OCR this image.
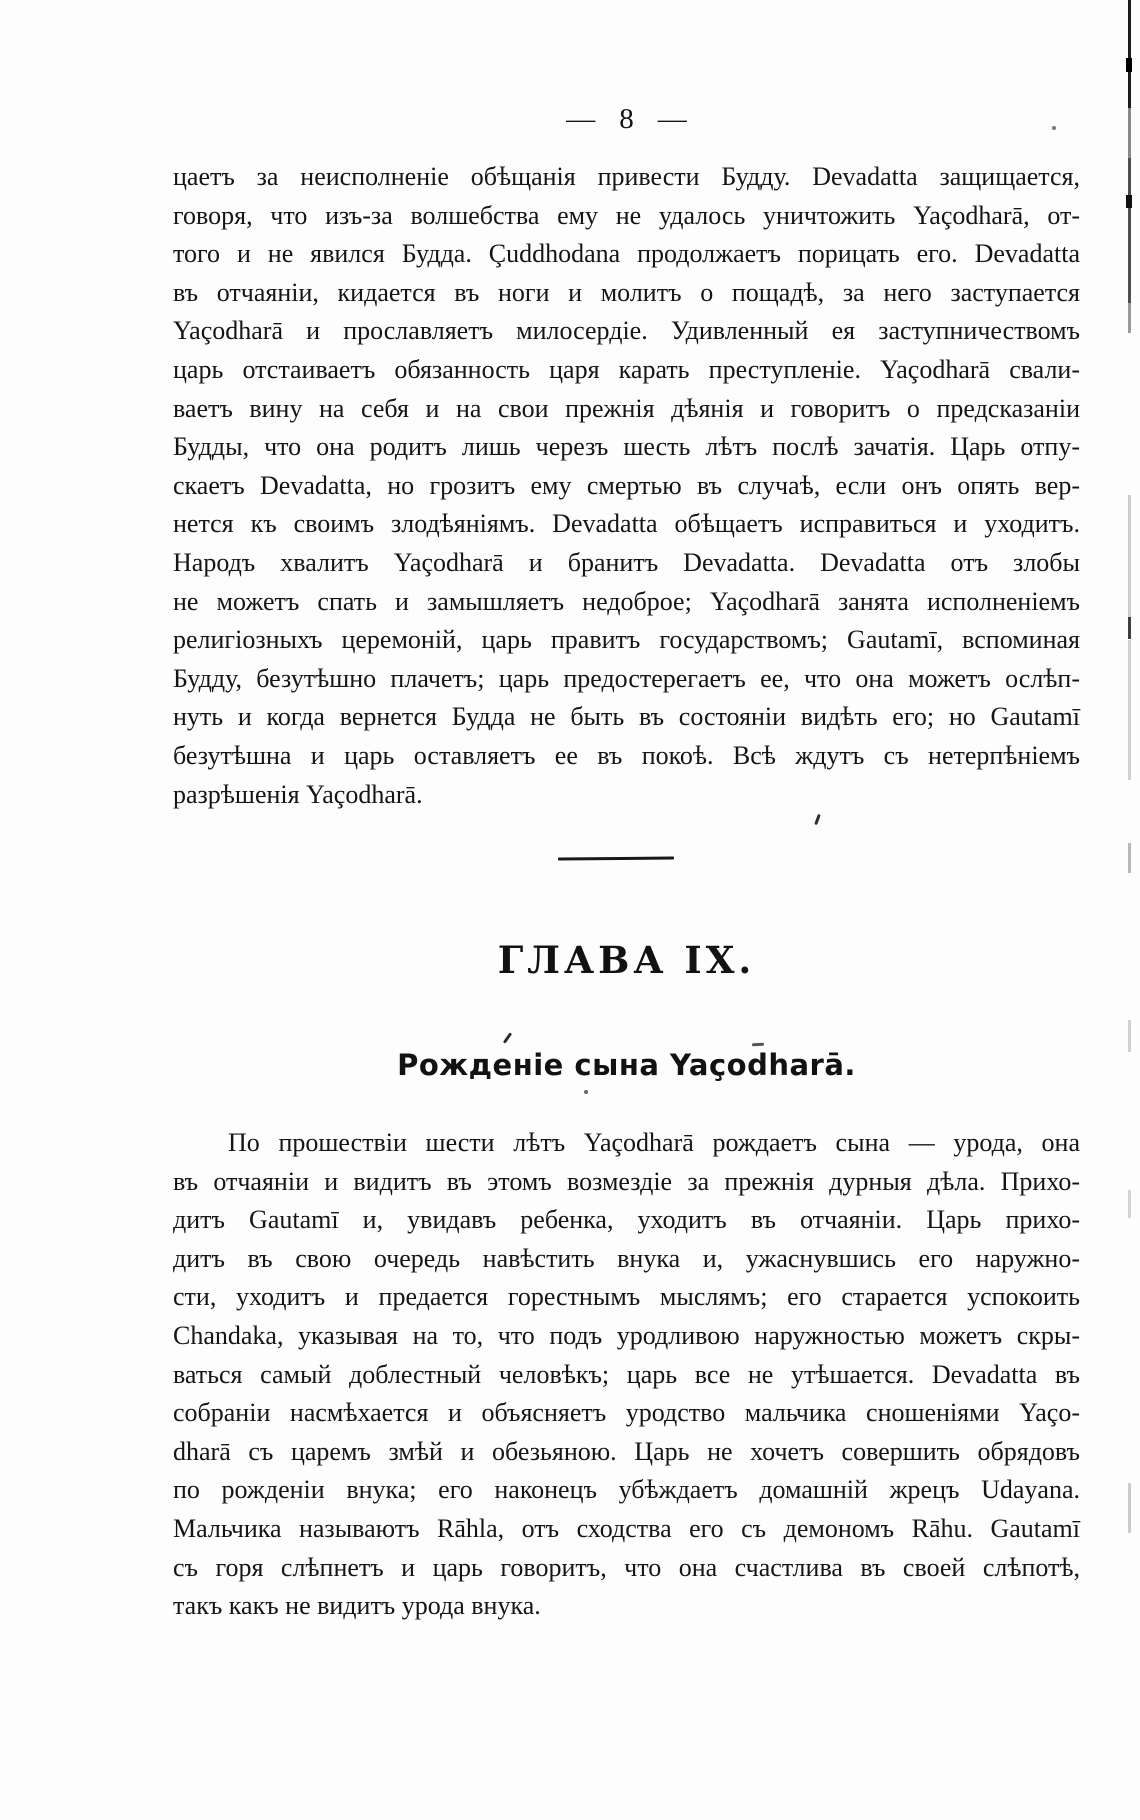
— 8 —
цаетъ за неисполненіе обѣщанія привести Будду. Devadatta защищается,
говоря, что изъ-за волшебства ему не удалось уничтожить Yaçodharā, от-
того и не явился Будда. Çuddhodana продолжаетъ порицать его. Devadatta
въ отчаяніи, кидается въ ноги и молитъ о пощадѣ, за него заступается
Yaçodharā и прославляетъ милосердіе. Удивленный ея заступничествомъ
царь отстаиваетъ обязанность царя карать преступленіе. Yaçodharā свали-
ваетъ вину на себя и на свои прежнія дѣянія и говоритъ о предсказаніи
Будды, что она родитъ лишь черезъ шесть лѣтъ послѣ зачатія. Царь отпу-
скаетъ Devadatta, но грозитъ ему смертью въ случаѣ, если онъ опять вер-
нется къ своимъ злодѣяніямъ. Devadatta обѣщаетъ исправиться и уходитъ.
Народъ хвалитъ Yaçodharā и бранитъ Devadatta. Devadatta отъ злобы
не можетъ спать и замышляетъ недоброе; Yaçodharā занята исполненіемъ
религіозныхъ церемоній, царь правитъ государствомъ; Gautamī, вспоминая
Будду, безутѣшно плачетъ; царь предостерегаетъ ее, что она можетъ ослѣп-
нуть и когда вернется Будда не быть въ состояніи видѣть его; но Gautamī
безутѣшна и царь оставляетъ ее въ покоѣ. Всѣ ждутъ съ нетерпѣніемъ
разрѣшенія Yaçodharā.
ГЛАВА IX.
Рожденіе сына Yaçodharā.
По прошествіи шести лѣтъ Yaçodharā рождаетъ сына — урода, она
въ отчаяніи и видитъ въ этомъ возмездіе за прежнія дурныя дѣла. Прихо-
дитъ Gautamī и, увидавъ ребенка, уходитъ въ отчаяніи. Царь прихо-
дитъ въ свою очередь навѣстить внука и, ужаснувшись его наружно-
сти, уходитъ и предается горестнымъ мыслямъ; его старается успокоить
Chandaka, указывая на то, что подъ уродливою наружностью можетъ скры-
ваться самый доблестный человѣкъ; царь все не утѣшается. Devadatta въ
собраніи насмѣхается и объясняетъ уродство мальчика сношеніями Yaço-
dharā съ царемъ змѣй и обезьяною. Царь не хочетъ совершить обрядовъ
по рожденіи внука; его наконецъ убѣждаетъ домашній жрецъ Udayana.
Мальчика называютъ Rāhla, отъ сходства его съ демономъ Rāhu. Gautamī
съ горя слѣпнетъ и царь говоритъ, что она счастлива въ своей слѣпотѣ,
такъ какъ не видитъ урода внука.
